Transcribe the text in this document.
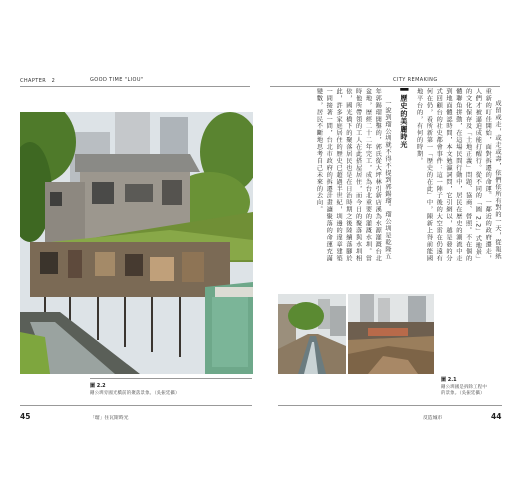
CHAPTER　2	GOOD TIME "LIOU"
圖 2.2
剛公圳旁國光橋前的聚落景象。（吳振廷攝）
45	「瑠」住瓦斯時光
CITY REMAKING

成留或走，或走或壽，依們依所有對的一天，從報紙重新的叮佳開始，面對拆遷的命運。一鄰近的政府遷走，人們才被逼迫成能打醒行。從不同的「圖 2.2」式地景」的文化保存及「土地正義」問題、協商、營照。不在個的體聯角拼動，在這場民間行動中，居民在歷史的潮流中走到地面體認時間，本文勉瀛詞問，它引網以，越是發的分式回顧台的社史都會事件：這一陣子後的大空雷在仍遠有何在仍，看所新第一「歷史的在此」中，陳新上得前能國地平台的，有何的時期。

▌歷史的美麗時光

一說到瑠公圳就不得不提到郭錫瑠。瑠公圳是乾隆五年郭錫瑠開鑿的，郭氏從大坪林引新店溪為水源灌溉台北盆地，歷經二十二年完工，成為台北重要的灌溉水圳。當時他所帶領的工人在此搭屋居住，而今日的聚落與水圳相依，國光橋下的聚落居民也是在日治時期之後陸續落腳於此，許多家庭居住的歷史已超過半世紀，圳邊的違章建築一間接著一間，台北市政府的拆遷計畫讓聚落的命運充滿變數，居民不斷地思考自己未來的去向。

圖 2.1
剛公圳國是拆除工程中
的景象。（吳振廷攝）
反造城市	44
